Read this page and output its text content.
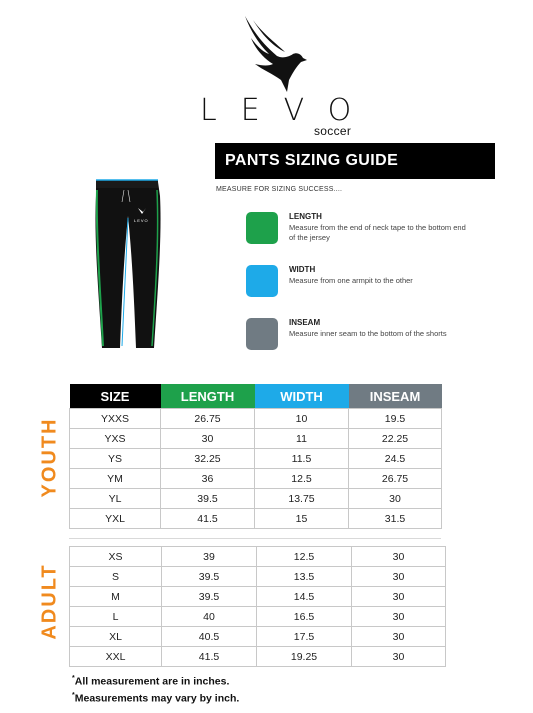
LEVO
soccer
PANTS SIZING GUIDE
MEASURE FOR SIZING SUCCESS....
LEVO	LENGTH
Measure from the end of neck tape to the bottom end of the jersey
WIDTH
Measure from one armpit to the other
INSEAM
Measure inner seam to the bottom of the shorts
SIZE	LENGTH	WIDTH	INSEAM
YXXS	26.75	10	19.5
YXS	30	11	22.25
YS	32.25	11.5	24.5
YM	36	12.5	26.75
YL	39.5	13.75	30
YXL	41.5	15	31.5
YOUTH
XS	39	12.5	30
S	39.5	13.5	30
M	39.5	14.5	30
L	40	16.5	30
XL	40.5	17.5	30
XXL	41.5	19.25	30
ADULT
*All measurement are in inches.
*Measurements may vary by inch.
